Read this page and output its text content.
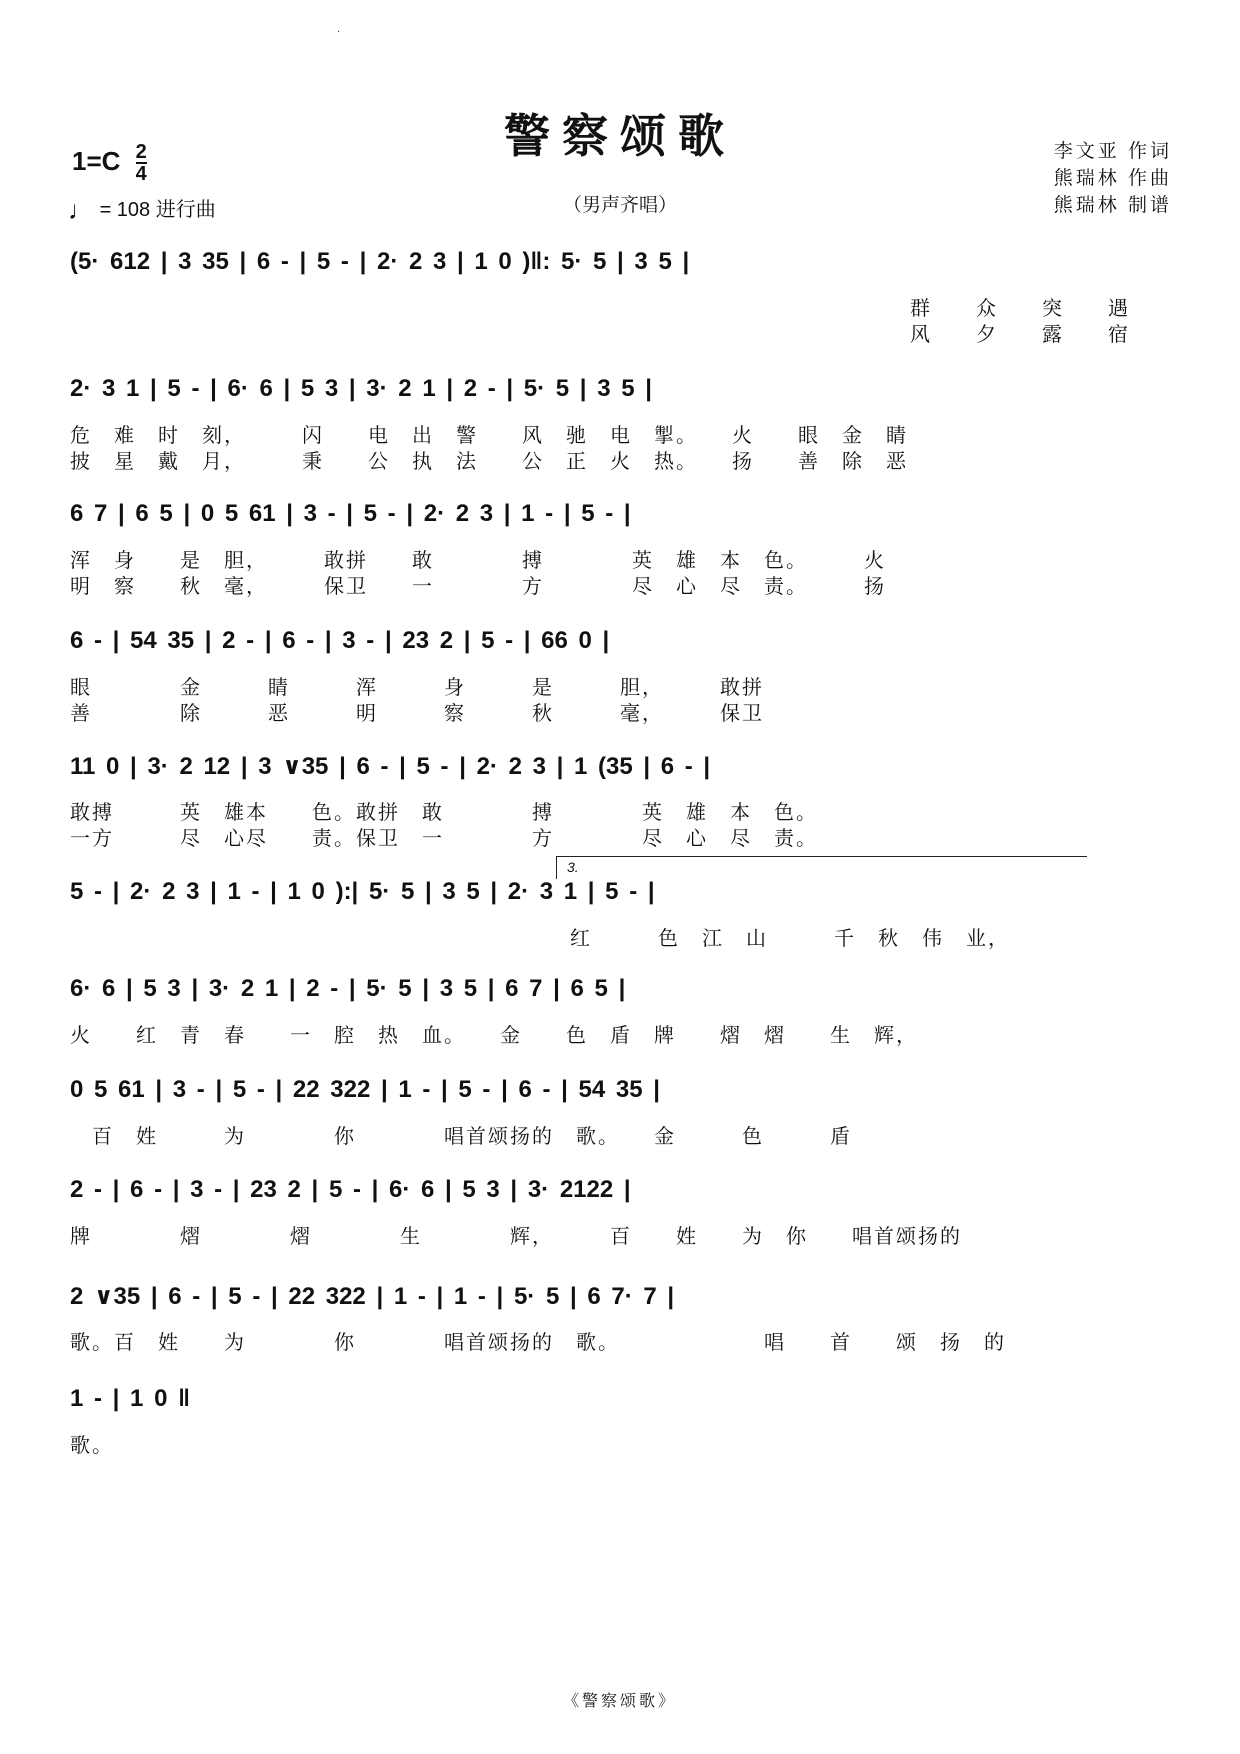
·
警察颂歌
（男声齐唱）
$1=C \frac{2}{4}$
♩ = 108 进行曲
李文亚 作词
熊瑞林 作曲
熊瑞林 制谱
(5· 612 | 3 35 | 6 - | 5 - | 2· 2 3 | 1 0 )‖: 5· 5 | 3 5 |
群　　众　　突　　遇
风　　夕　　露　　宿
2· 3 1 | 5 - | 6· 6 | 5 3 | 3· 2 1 | 2 - | 5· 5 | 3 5 |
危　难　时　刻，　　　闪　　电　出　警　　风　驰　电　掣。　　火　　眼　金　睛
披　星　戴　月，　　　秉　　公　执　法　　公　正　火　热。　　扬　　善　除　恶
6 7 | 6 5 | 0 5 61 | 3 - | 5 - | 2· 2 3 | 1 - | 5 - |
浑　身　　是　胆，　　　敢拼　　敢　　　　搏　　　　英　雄　本　色。　　　火
明　察　　秋　毫，　　　保卫　　一　　　　方　　　　尽　心　尽　责。　　　扬
6 - | 54 35 | 2 - | 6 - | 3 - | 23 2 | 5 - | 66 0 |
眼　　　　金　　　睛　　　浑　　　身　　　是　　　胆，　　　敢拼
善　　　　除　　　恶　　　明　　　察　　　秋　　　毫，　　　保卫
11 0 | 3· 2 12 | 3 ∨35 | 6 - | 5 - | 2· 2 3 | 1 (35 | 6 - |
敢搏　　　英　雄本　　色。敢拼　敢　　　　搏　　　　英　雄　本　色。
一方　　　尽　心尽　　责。保卫　一　　　　方　　　　尽　心　尽　责。
5 - | 2· 2 3 | 1 - | 1 0 ):| 5· 5 | 3 5 | 2· 3 1 | 5 - |
3.
红　　　色　江　山　　　千　秋　伟　业，
6· 6 | 5 3 | 3· 2 1 | 2 - | 5· 5 | 3 5 | 6 7 | 6 5 |
火　　红　青　春　　一　腔　热　血。　　金　　色　盾　牌　　熠　熠　　生　辉，
0 5 61 | 3 - | 5 - | 22 322 | 1 - | 5 - | 6 - | 54 35 |
　百　姓　　　为　　　　你　　　　唱首颂扬的　歌。　　金　　　色　　　盾
2 - | 6 - | 3 - | 23 2 | 5 - | 6· 6 | 5 3 | 3· 2122 |
牌　　　　熠　　　　熠　　　　生　　　　辉，　　　百　　姓　　为　你　　唱首颂扬的
2 ∨35 | 6 - | 5 - | 22 322 | 1 - | 1 - | 5· 5 | 6 7· 7 |
歌。百　姓　　为　　　　你　　　　唱首颂扬的　歌。　　　　　　　唱　　首　　颂　扬　的
1 - | 1 0 ‖
歌。
《警察颂歌》
